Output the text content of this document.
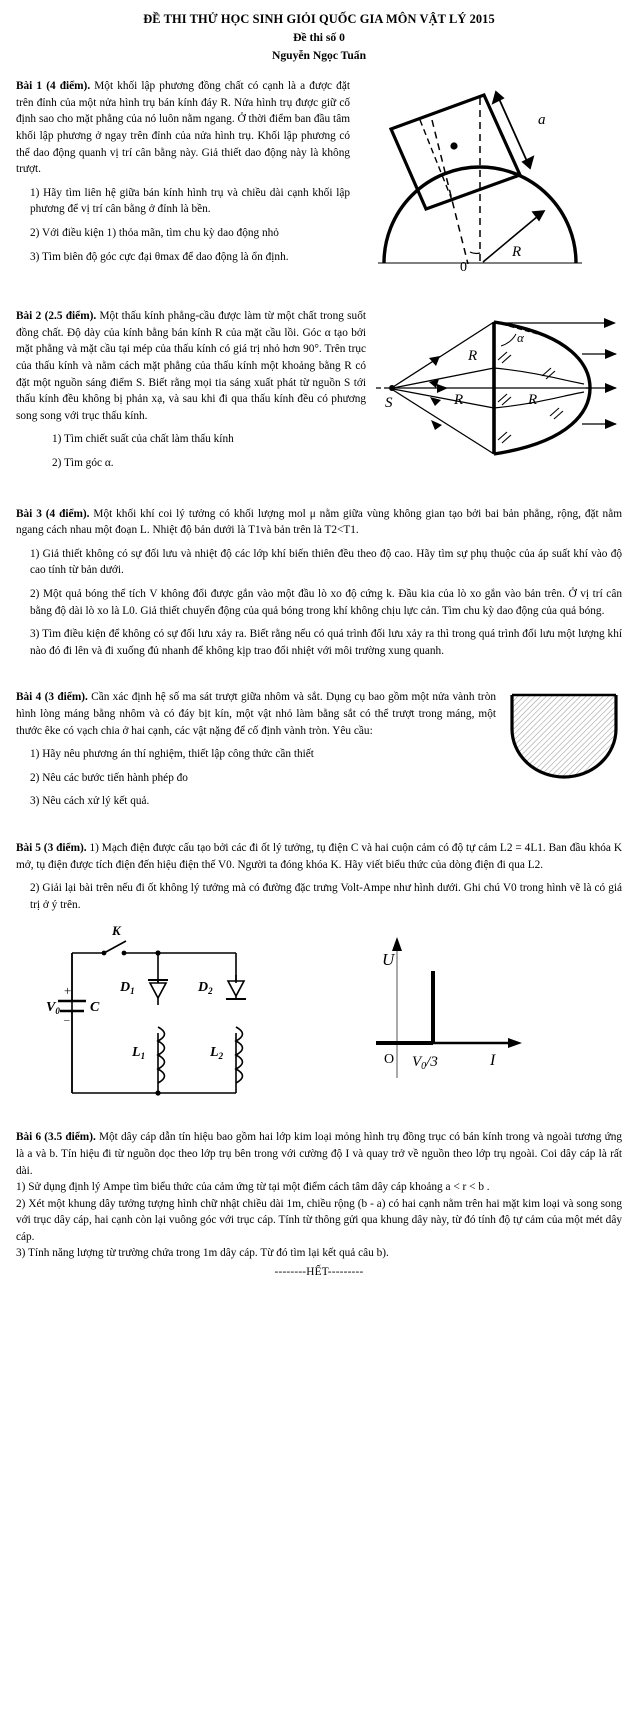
ĐỀ THI THỬ HỌC SINH GIỎI QUỐC GIA MÔN VẬT LÝ 2015
Đề thi số 0
Nguyễn Ngọc Tuấn
a
R
0

Bài 1 (4 điểm). Một khối lập phương đồng chất có cạnh là a được đặt trên đỉnh của một nửa hình trụ bán kính đáy R. Nửa hình trụ được giữ cố định sao cho mặt phẳng của nó luôn nằm ngang. Ở thời điểm ban đầu tâm khối lập phương ở ngay trên đỉnh của nửa hình trụ. Khối lập phương có thể dao động quanh vị trí cân bằng này. Giả thiết dao động này là không trượt.

1) Hãy tìm liên hệ giữa bán kính hình trụ và chiều dài cạnh khối lập phương để vị trí cân bằng ở đỉnh là bền.

2) Với điều kiện 1) thỏa mãn, tìm chu kỳ dao động nhỏ

3) Tìm biên độ góc cực đại θmax để dao động là ổn định.

S
α
R
R	R

Bài 2 (2.5 điểm). Một thấu kính phẳng-cầu được làm từ một chất trong suốt đồng chất. Độ dày của kính bằng bán kính R của mặt cầu lồi. Góc α tạo bởi mặt phẳng và mặt cầu tại mép của thấu kính có giá trị nhỏ hơn 90°. Trên trục của thấu kính và nằm cách mặt phẳng của thấu kính một khoảng bằng R có đặt một nguồn sáng điểm S. Biết rằng mọi tia sáng xuất phát từ nguồn S tới thấu kính đều không bị phản xạ, và sau khi đi qua thấu kính đều có phương song song với trục thấu kính.

1) Tìm chiết suất của chất làm thấu kính

2) Tìm góc α.

Bài 3 (4 điểm). Một khối khí coi lý tưởng có khối lượng mol μ nằm giữa vùng không gian tạo bởi bai bản phẳng, rộng, đặt nằm ngang cách nhau một đoạn L. Nhiệt độ bản dưới là T1và bản trên là T2<T1.

1) Giả thiết không có sự đối lưu và nhiệt độ các lớp khí biến thiên đều theo độ cao. Hãy tìm sự phụ thuộc của áp suất khí vào độ cao tính từ bản dưới.

2) Một quả bóng thể tích V không đổi được gắn vào một đầu lò xo độ cứng k. Đầu kia của lò xo gắn vào bản trên. Ở vị trí cân bằng độ dài lò xo là L0. Giả thiết chuyển động của quả bóng trong khí không chịu lực cản. Tìm chu kỳ dao động của quả bóng.

3) Tìm điều kiện để không có sự đối lưu xảy ra. Biết rằng nếu có quá trình đối lưu xảy ra thì trong quá trình đối lưu một lượng khí nào đó đi lên và đi xuống đủ nhanh để không kịp trao đổi nhiệt với môi trường xung quanh.

Bài 4 (3 điểm). Cần xác định hệ số ma sát trượt giữa nhôm và sắt. Dụng cụ bao gồm một nửa vành tròn hình lòng máng bằng nhôm và có đáy bịt kín, một vật nhỏ làm bằng sắt có thể trượt trong máng, một thước êke có vạch chia ở hai cạnh, các vật nặng để cố định vành tròn. Yêu cầu:

1) Hãy nêu phương án thí nghiệm, thiết lập công thức cần thiết

2) Nêu các bước tiến hành phép đo

3) Nêu cách xử lý kết quả.

Bài 5 (3 điểm). 1) Mạch điện được cấu tạo bởi các đi ốt lý tưởng, tụ điện C và hai cuộn cảm có độ tự cảm L2 = 4L1. Ban đầu khóa K mở, tụ điện được tích điện đến hiệu điện thế V0. Người ta đóng khóa K. Hãy viết biểu thức của dòng điện đi qua L2.

2) Giải lại bài trên nếu đi ốt không lý tưởng mà có đường đặc trưng Volt-Ampe như hình dưới. Ghi chú V0 trong hình vẽ là có giá trị ở ý trên.

K
+
–
$V_0$ C
$D_1$	$D_2$
$L_1$	$L_2$
U
O $V_0/3$	I

Bài 6 (3.5 điểm). Một dây cáp dẫn tín hiệu bao gồm hai lớp kim loại mỏng hình trụ đồng trục có bán kính trong và ngoài tương ứng là a và b. Tín hiệu đi từ nguồn dọc theo lớp trụ bên trong với cường độ I và quay trở về nguồn theo lớp trụ ngoài. Coi dây cáp là rất dài.

1) Sử dụng định lý Ampe tìm biểu thức của cảm ứng từ tại một điểm cách tâm dây cáp khoảng a < r < b .

2) Xét một khung dây tưởng tượng hình chữ nhật chiều dài 1m, chiều rộng (b - a) có hai cạnh nằm trên hai mặt kim loại và song song với trục dây cáp, hai cạnh còn lại vuông góc với trục cáp. Tính từ thông gửi qua khung dây này, từ đó tính độ tự cảm của một mét dây cáp.

3) Tính năng lượng từ trường chứa trong 1m dây cáp. Từ đó tìm lại kết quả câu b).

--------HẾT---------
